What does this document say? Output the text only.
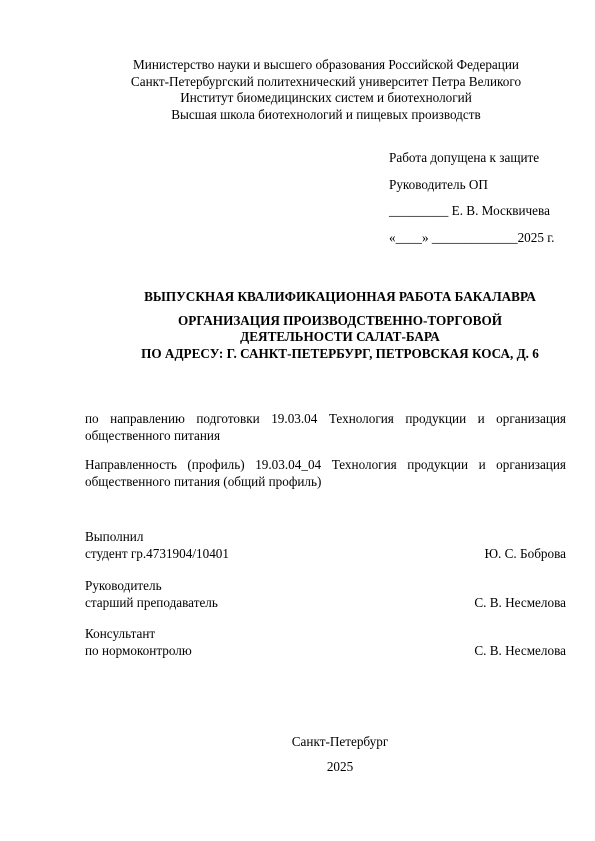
Министерство науки и высшего образования Российской Федерации
Санкт-Петербургский политехнический университет Петра Великого
Институт биомедицинских систем и биотехнологий
Высшая школа биотехнологий и пищевых производств
Работа допущена к защите
Руководитель ОП
_________ Е. В. Москвичева
«____» _____________2025 г.
ВЫПУСКНАЯ КВАЛИФИКАЦИОННАЯ РАБОТА БАКАЛАВРА
ОРГАНИЗАЦИЯ ПРОИЗВОДСТВЕННО-ТОРГОВОЙ
ДЕЯТЕЛЬНОСТИ САЛАТ-БАРА
ПО АДРЕСУ: Г. САНКТ-ПЕТЕРБУРГ, ПЕТРОВСКАЯ КОСА, Д. 6
по направлению подготовки 19.03.04 Технология продукции и организация общественного питания
Направленность (профиль) 19.03.04_04 Технология продукции и организация общественного питания (общий профиль)
Выполнил
студент гр.4731904/10401	Ю. С. Боброва
Руководитель
старший преподаватель	С. В. Несмелова
Консультант
по нормоконтролю	С. В. Несмелова
Санкт-Петербург
2025
